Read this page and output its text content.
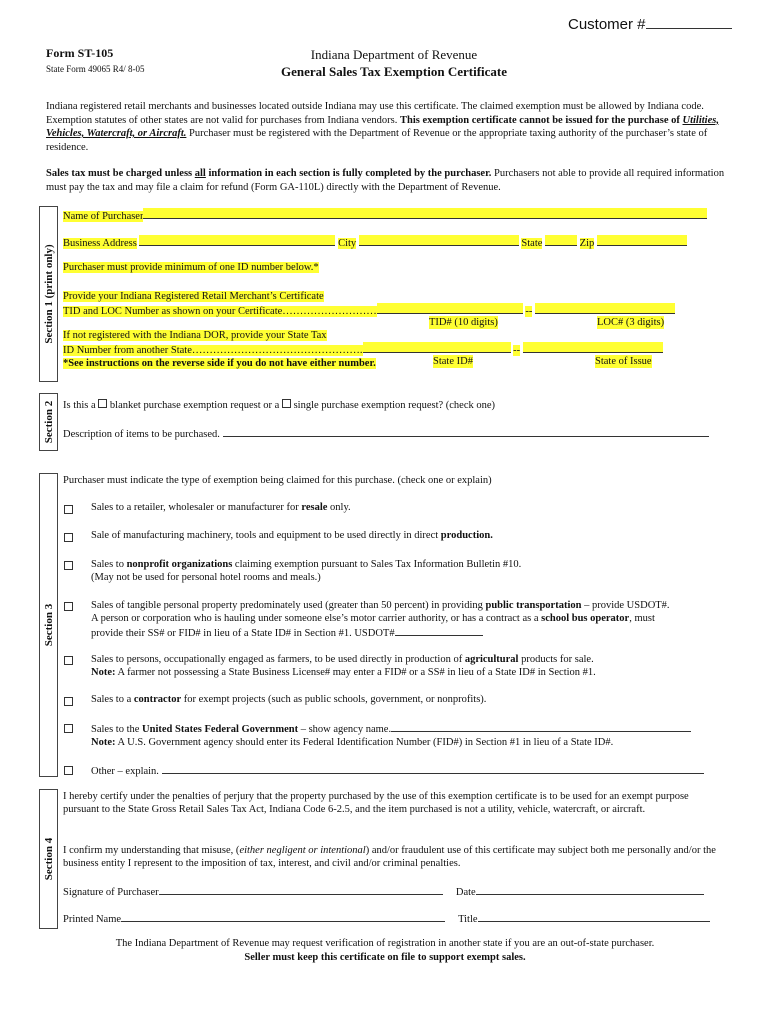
Customer #
Form ST-105
State Form 49065 R4/ 8-05
Indiana Department of Revenue
General Sales Tax Exemption Certificate
Indiana registered retail merchants and businesses located outside Indiana may use this certificate. The claimed exemption must be allowed by Indiana code. Exemption statutes of other states are not valid for purchases from Indiana vendors. This exemption certificate cannot be issued for the purchase of Utilities, Vehicles, Watercraft, or Aircraft. Purchaser must be registered with the Department of Revenue or the appropriate taxing authority of the purchaser’s state of residence.
Sales tax must be charged unless all information in each section is fully completed by the purchaser. Purchasers not able to provide all required information must pay the tax and may file a claim for refund (Form GA-110L) directly with the Department of Revenue.
Section 1 (print only)
Name of Purchaser
Business Address	City	State	Zip
Purchaser must provide minimum of one ID number below.*
Provide your Indiana Registered Retail Merchant’s Certificate
TID and LOC Number as shown on your Certificate………………………	--
TID# (10 digits)	LOC# (3 digits)
If not registered with the Indiana DOR, provide your State Tax
ID Number from another State………………………………………….	--
*See instructions on the reverse side if you do not have either number.	State ID#	State of Issue
Section 2 Is this a  blanket purchase exemption request or a  single purchase exemption request? (check one)
Description of items to be purchased.
Section 3
Purchaser must indicate the type of exemption being claimed for this purchase. (check one or explain)
Sales to a retailer, wholesaler or manufacturer for resale only.
Sale of manufacturing machinery, tools and equipment to be used directly in direct production.
Sales to nonprofit organizations claiming exemption pursuant to Sales Tax Information Bulletin #10.
(May not be used for personal hotel rooms and meals.)
Sales of tangible personal property predominately used (greater than 50 percent) in providing public transportation – provide USDOT#.
A person or corporation who is hauling under someone else’s motor carrier authority, or has a contract as a school bus operator, must
provide their SS# or FID# in lieu of a State ID# in Section #1. USDOT#
Sales to persons, occupationally engaged as farmers, to be used directly in production of agricultural products for sale.
Note: A farmer not possessing a State Business License# may enter a FID# or a SS# in lieu of a State ID# in Section #1.
Sales to a contractor for exempt projects (such as public schools, government, or nonprofits).
Sales to the United States Federal Government – show agency name.
Note: A U.S. Government agency should enter its Federal Identification Number (FID#) in Section #1 in lieu of a State ID#.
Other – explain.
Section 4
I hereby certify under the penalties of perjury that the property purchased by the use of this exemption certificate is to be used for an exempt purpose pursuant to the State Gross Retail Sales Tax Act, Indiana Code 6-2.5, and the item purchased is not a utility, vehicle, watercraft, or aircraft.
I confirm my understanding that misuse, (either negligent or intentional) and/or fraudulent use of this certificate may subject both me personally and/or the business entity I represent to the imposition of tax, interest, and civil and/or criminal penalties.
Signature of Purchaser	Date
Printed Name	Title
The Indiana Department of Revenue may request verification of registration in another state if you are an out-of-state purchaser.
Seller must keep this certificate on file to support exempt sales.
